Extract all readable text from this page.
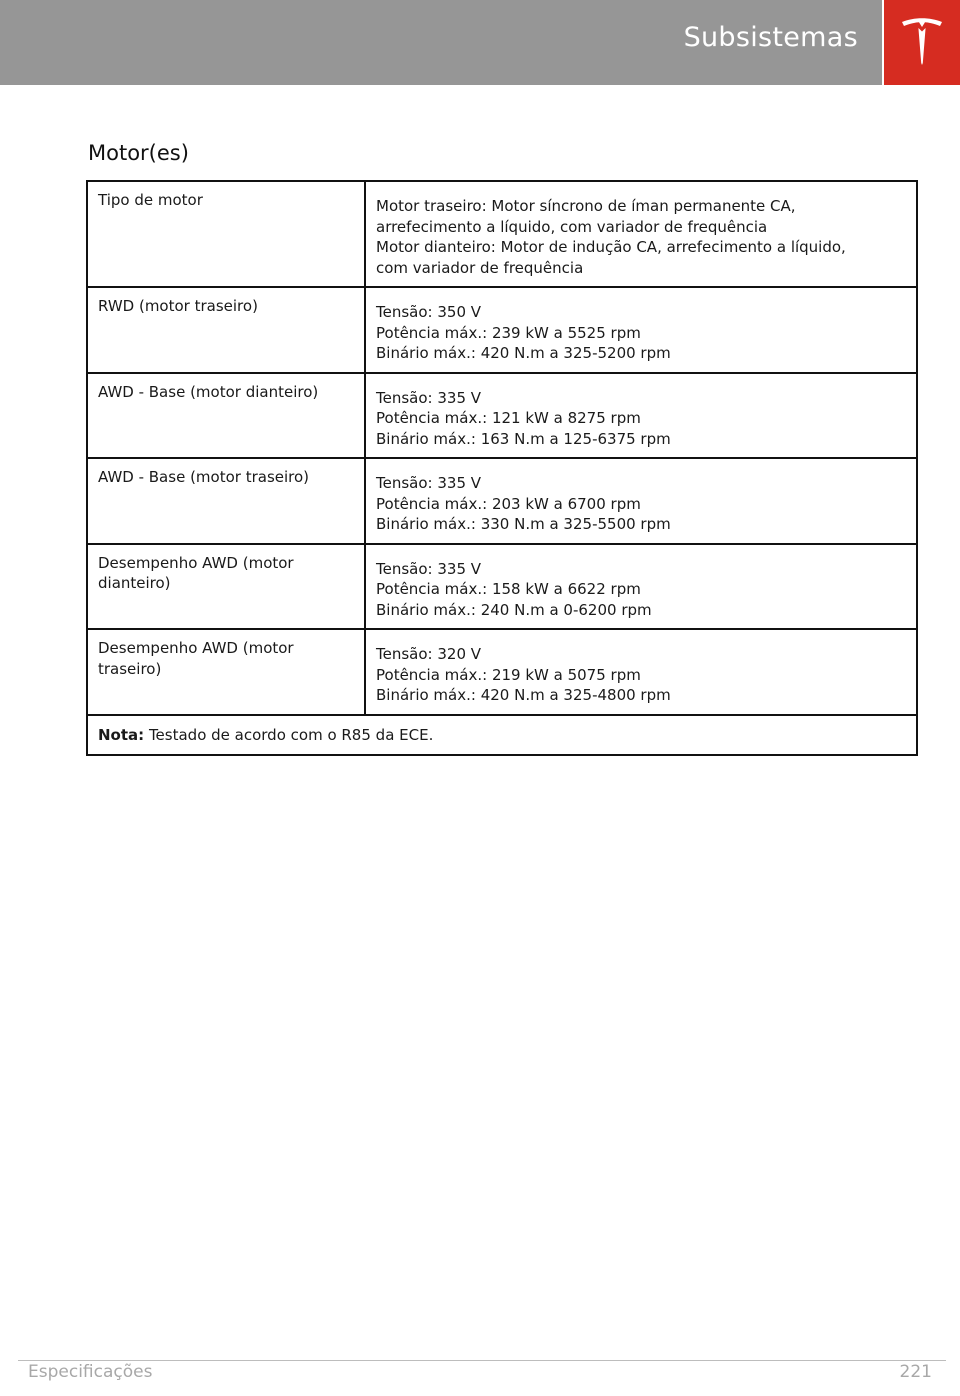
Subsistemas
Motor(es)
Tipo de motor	Motor traseiro: Motor síncrono de íman permanente CA,
arrefecimento a líquido, com variador de frequência
Motor dianteiro: Motor de indução CA, arrefecimento a líquido,
com variador de frequência

RWD (motor traseiro)	Tensão: 350 V
Potência máx.: 239 kW a 5525 rpm
Binário máx.: 420 N.m a 325-5200 rpm

AWD - Base (motor dianteiro)	Tensão: 335 V
Potência máx.: 121 kW a 8275 rpm
Binário máx.: 163 N.m a 125-6375 rpm

AWD - Base (motor traseiro)	Tensão: 335 V
Potência máx.: 203 kW a 6700 rpm
Binário máx.: 330 N.m a 325-5500 rpm

Desempenho AWD (motor dianteiro)	Tensão: 335 V
Potência máx.: 158 kW a 6622 rpm
Binário máx.: 240 N.m a 0-6200 rpm

Desempenho AWD (motor traseiro)	Tensão: 320 V
Potência máx.: 219 kW a 5075 rpm
Binário máx.: 420 N.m a 325-4800 rpm

Nota: Testado de acordo com o R85 da ECE.	
Especificações	221
